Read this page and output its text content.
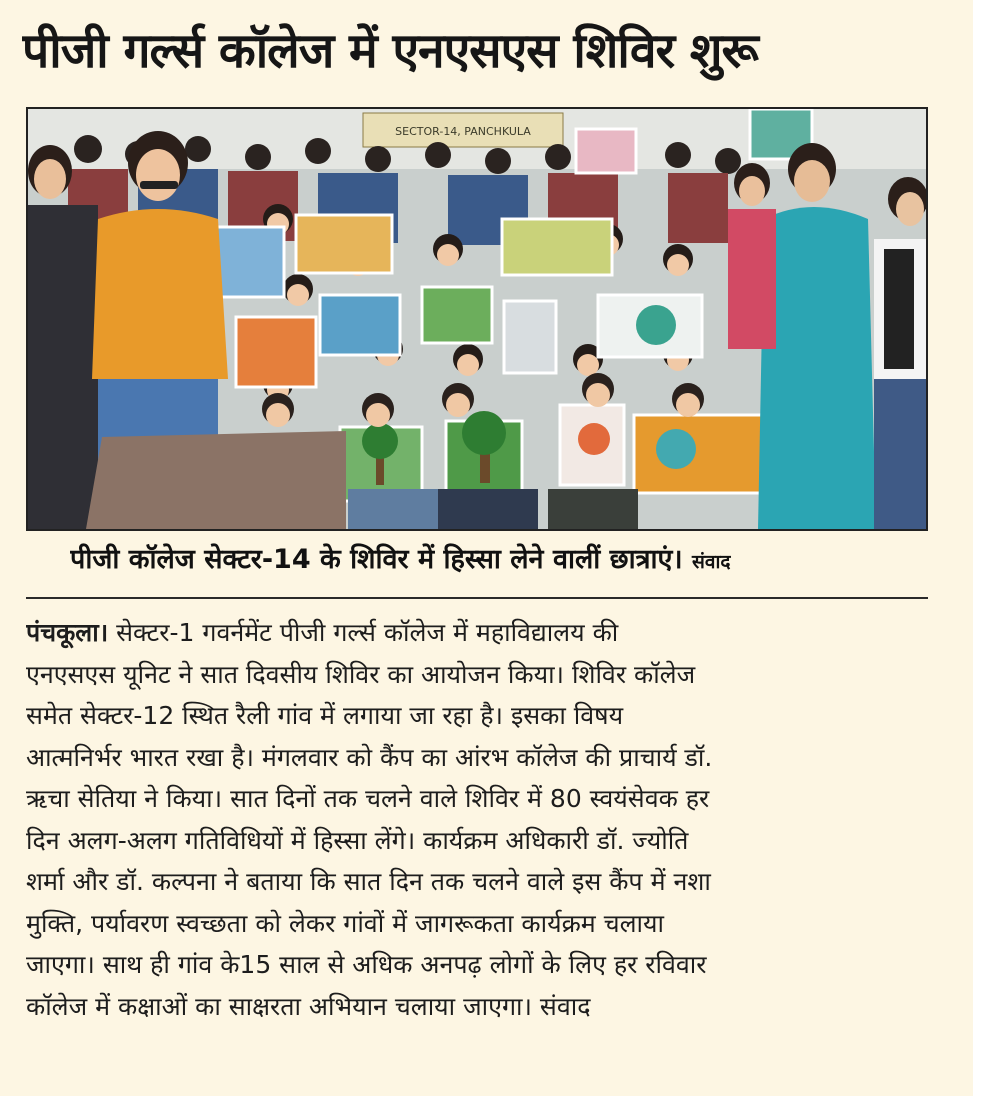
पीजी गर्ल्स कॉलेज में एनएसएस शिविर शुरू
SECTOR-14, PANCHKULA
पीजी कॉलेज सेक्टर-14 के शिविर में हिस्सा लेने वालीं छात्राएं। संवाद
पंचकूला। सेक्टर-1 गवर्नमेंट पीजी गर्ल्स कॉलेज में महाविद्यालय की
एनएसएस यूनिट ने सात दिवसीय शिविर का आयोजन किया। शिविर कॉलेज
समेत सेक्टर-12 स्थित रैली गांव में लगाया जा रहा है। इसका विषय
आत्मनिर्भर भारत रखा है। मंगलवार को कैंप का आंरभ कॉलेज की प्राचार्य डॉ.
ऋचा सेतिया ने किया। सात दिनों तक चलने वाले शिविर में 80 स्वयंसेवक हर
दिन अलग-अलग गतिविधियों में हिस्सा लेंगे। कार्यक्रम अधिकारी डॉ. ज्योति
शर्मा और डॉ. कल्पना ने बताया कि सात दिन तक चलने वाले इस कैंप में नशा
मुक्ति, पर्यावरण स्वच्छता को लेकर गांवों में जागरूकता कार्यक्रम चलाया
जाएगा। साथ ही गांव के15 साल से अधिक अनपढ़ लोगों के लिए हर रविवार
कॉलेज में कक्षाओं का साक्षरता अभियान चलाया जाएगा। संवाद
